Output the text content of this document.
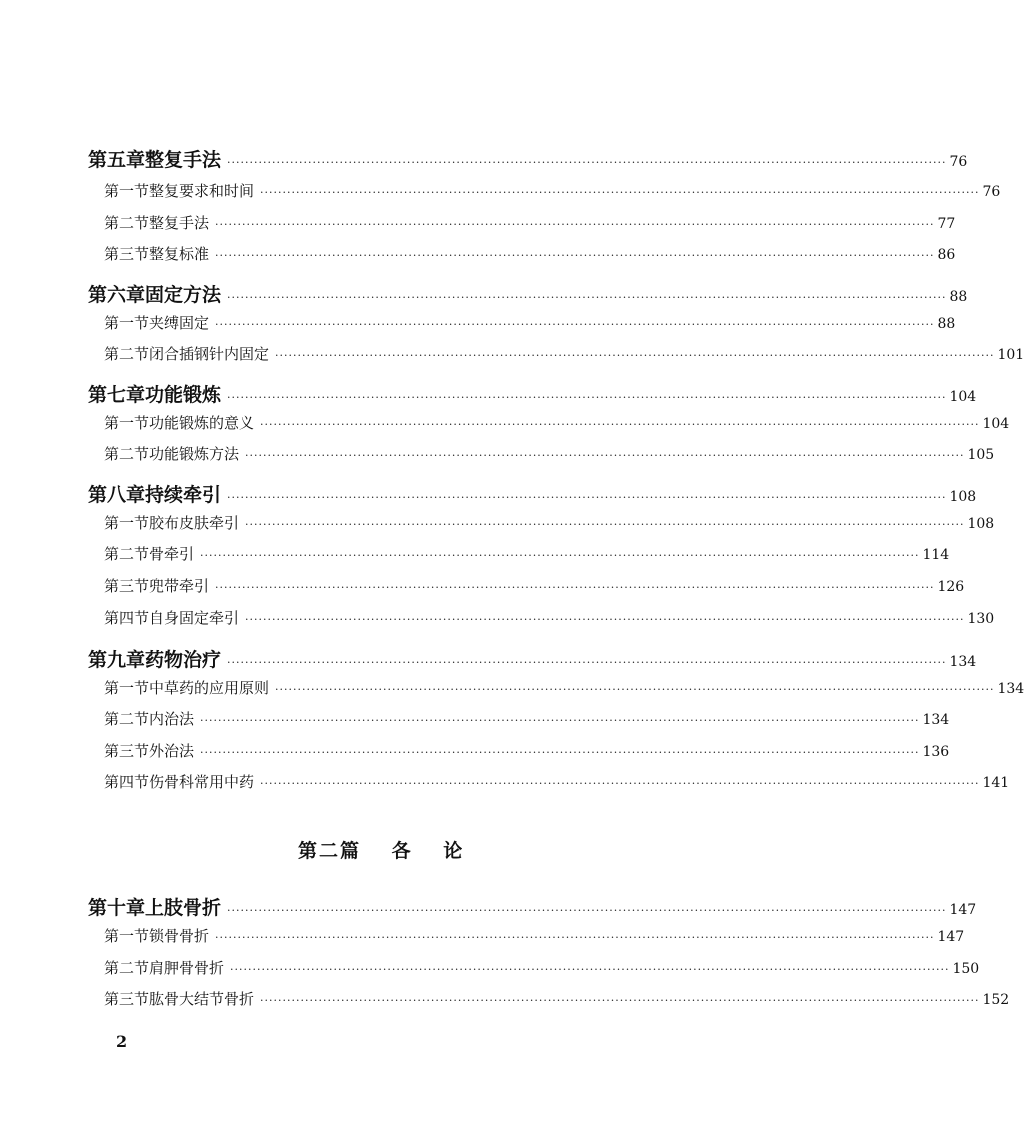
第五章 整复手法 ································································································································································ 76
第一节 整复要求和时间 ································································································································································ 76
第二节 整复手法 ································································································································································ 77
第三节 整复标准 ································································································································································ 86
第六章 固定方法 ································································································································································ 88
第一节 夹缚固定 ································································································································································ 88
第二节 闭合插钢针内固定 ································································································································································ 101
第七章 功能锻炼 ································································································································································ 104
第一节 功能锻炼的意义 ································································································································································ 104
第二节 功能锻炼方法 ································································································································································ 105
第八章 持续牵引 ································································································································································ 108
第一节 胶布皮肤牵引 ································································································································································ 108
第二节 骨牵引 ································································································································································ 114
第三节 兜带牵引 ································································································································································ 126
第四节 自身固定牵引 ································································································································································ 130
第九章 药物治疗 ································································································································································ 134
第一节 中草药的应用原则 ································································································································································ 134
第二节 内治法 ································································································································································ 134
第三节 外治法 ································································································································································ 136
第四节 伤骨科常用中药 ································································································································································ 141
第十章 上肢骨折 ································································································································································ 147
第一节 锁骨骨折 ································································································································································ 147
第二节 肩胛骨骨折 ································································································································································ 150
第三节 肱骨大结节骨折 ································································································································································ 152
第二篇 各 论
2
